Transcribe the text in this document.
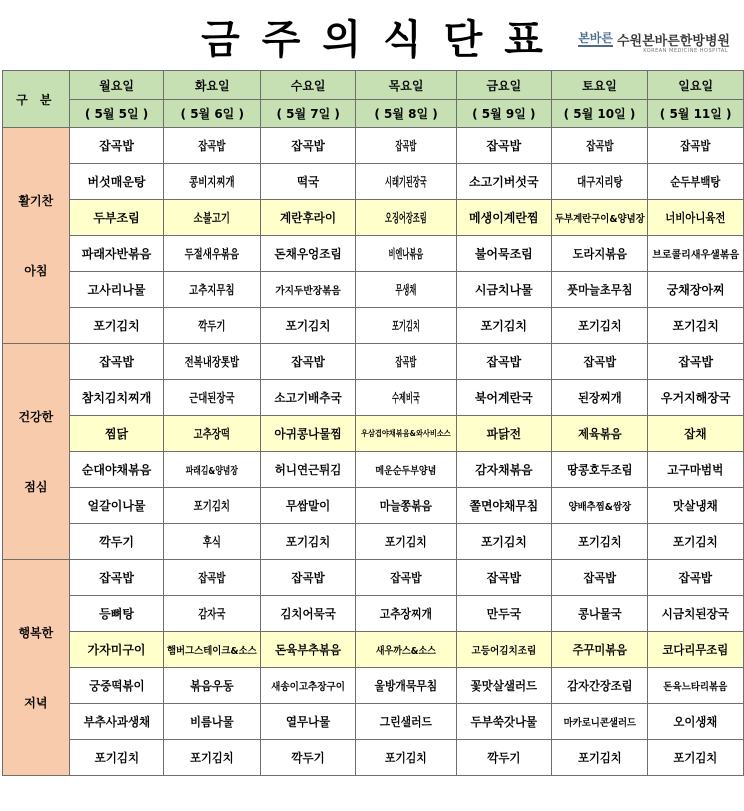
금주의식단표	본바른 수원본바른한방병원
KOREAN MEDICINE HOSPITAL
구 분	월요일	화요일	수요일	목요일	금요일	토요일	일요일
	( 5월 5일 )	( 5월 6일 )	( 5월 7일 )	( 5월 8일 )	( 5월 9일 )	( 5월 10일 )	( 5월 11일 )

활기찬
아침	잡곡밥	잡곡밥	잡곡밥	잡곡밥	잡곡밥	잡곡밥	잡곡밥

	버섯매운탕	콩비지찌개	떡국	시래기된장국	소고기버섯국	대구지리탕	순두부백탕

	두부조림	소불고기	계란후라이	오징어장조림	메생이계란찜	두부계란구이&양념장	너비아니육전

	파래자반볶음	두절새우볶음	돈채우엉조림	비엔나볶음	불어묵조림	도라지볶음	브로콜리새우샐볶음

	고사리나물	고추지무침	가지두반장볶음	무생채	시금치나물	풋마늘초무침	궁채장아찌

	포기김치	깍두기	포기김치	포기김치	포기김치	포기김치	포기김치

건강한
점심	잡곡밥	전복내장톳밥	잡곡밥	잡곡밥	잡곡밥	잡곡밥	잡곡밥

	참치김치찌개	근대된장국	소고기배추국	수제비국	북어계란국	된장찌개	우거지해장국

	찜닭	고추장떡	아귀콩나물찜	우삼겹야채볶음&와사비소스	파닭전	제육볶음	잡채

	순대야채볶음	파래김&양념장	허니연근튀김	메운순두부양념	감자채볶음	땅콩호두조림	고구마범벅

	얼갈이나물	포기김치	무쌈말이	마늘쫑볶음	쫄면야채무침	양배추찜&쌈장	맛살냉채

	깍두기	후식	포기김치	포기김치	포기김치	포기김치	포기김치

행복한
저녁	잡곡밥	잡곡밥	잡곡밥	잡곡밥	잡곡밥	잡곡밥	잡곡밥

	등뼈탕	감자국	김치어묵국	고추장찌개	만두국	콩나물국	시금치된장국

	가자미구이	햄버그스테이크&소스	돈육부추볶음	새우까스&소스	고등어김치조림	주꾸미볶음	코다리무조림

	궁중떡볶이	볶음우동	새송이고추장구이	울방개묵무침	꽃맛살샐러드	감자간장조림	돈육느타리볶음

	부추사과생채	비름나물	열무나물	그린샐러드	두부쑥갓나물	마카로니콘샐러드	오이생채

	포기김치	포기김치	깍두기	포기김치	깍두기	포기김치	포기김치
